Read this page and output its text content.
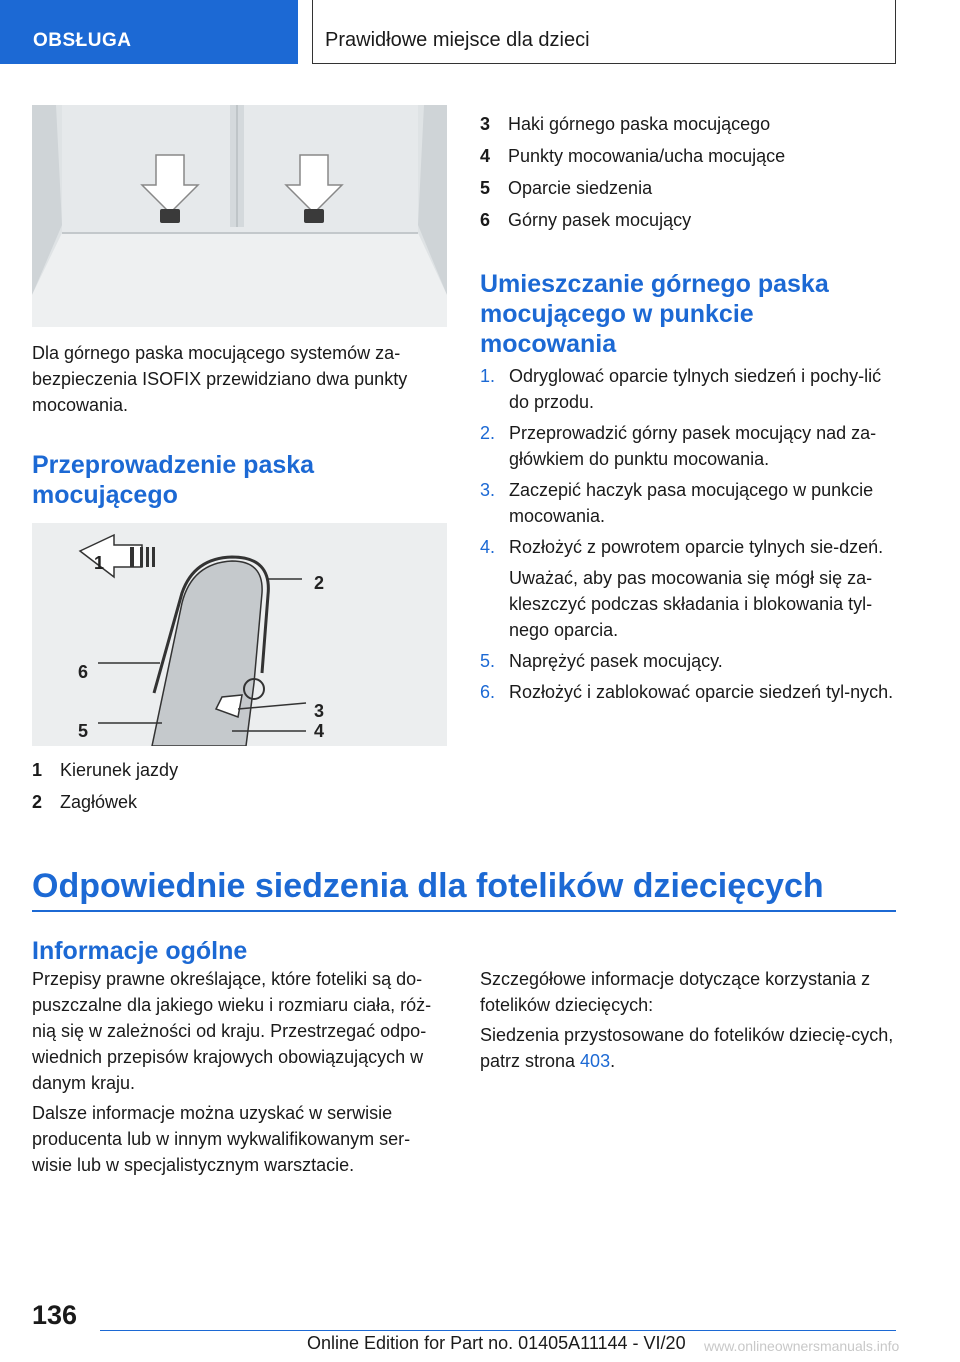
OBSŁUGA	Prawidłowe miejsce dla dzieci
Dla górnego paska mocującego systemów za-bezpieczenia ISOFIX przewidziano dwa punkty mocowania.
Przeprowadzenie paska mocującego
1
2
3
4
5
6
1 Kierunek jazdy
2 Zagłówek
3 Haki górnego paska mocującego
4 Punkty mocowania/ucha mocujące
5 Oparcie siedzenia
6 Górny pasek mocujący
Umieszczanie górnego paska mocującego w punkcie mocowania
1. Odryglować oparcie tylnych siedzeń i pochy-lić do przodu.
2. Przeprowadzić górny pasek mocujący nad za-główkiem do punktu mocowania.
3. Zaczepić haczyk pasa mocującego w punkcie mocowania.
4. Rozłożyć z powrotem oparcie tylnych sie-dzeń.
Uważać, aby pas mocowania się mógł się za-kleszczyć podczas składania i blokowania tyl-nego oparcia.
5. Naprężyć pasek mocujący.
6. Rozłożyć i zablokować oparcie siedzeń tyl-nych.
Odpowiednie siedzenia dla fotelików dziecięcych
Informacje ogólne
Przepisy prawne określające, które foteliki są do-puszczalne dla jakiego wieku i rozmiaru ciała, róż-nią się w zależności od kraju. Przestrzegać odpo-wiednich przepisów krajowych obowiązujących w danym kraju.
Dalsze informacje można uzyskać w serwisie producenta lub w innym wykwalifikowanym ser-wisie lub w specjalistycznym warsztacie.
Szczegółowe informacje dotyczące korzystania z fotelików dziecięcych:
Siedzenia przystosowane do fotelików dziecię-cych, patrz strona 403.
136
Online Edition for Part no. 01405A11144 - VI/20 www.onlineownersmanuals.info
